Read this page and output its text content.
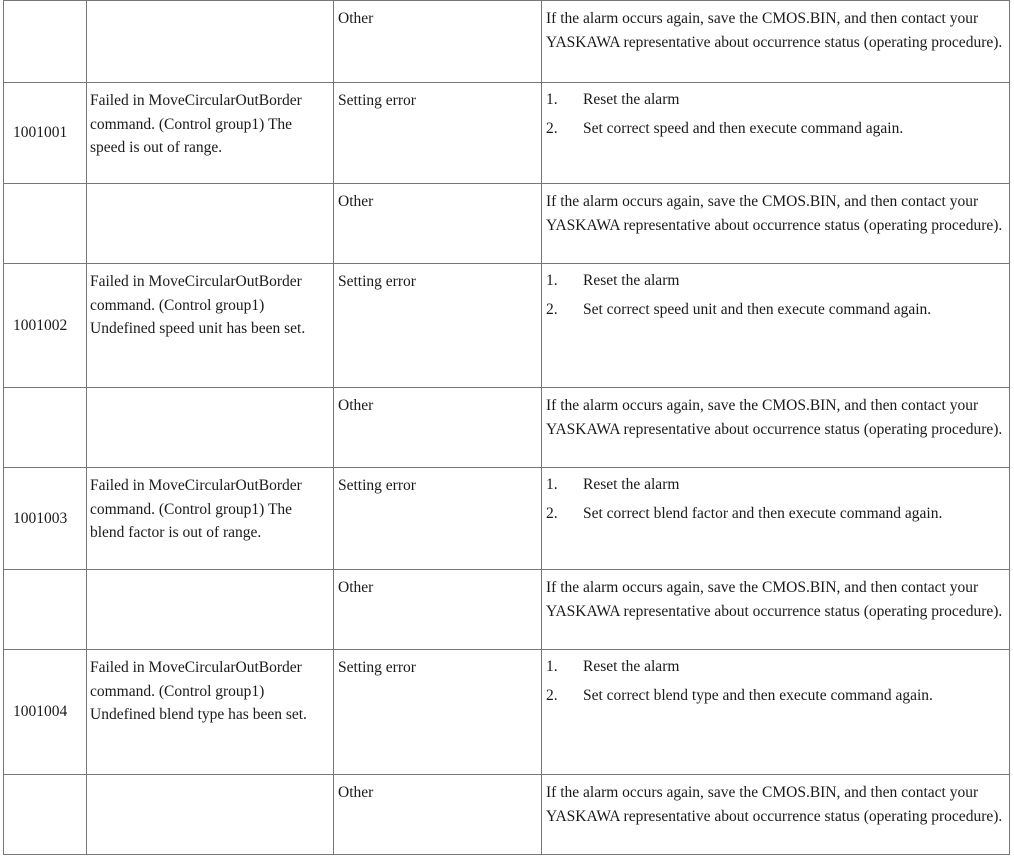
		Other	If the alarm occurs again, save the CMOS.BIN, and then contact your YASKAWA representative about occurrence status (operating procedure).
1001001	Failed in MoveCircularOutBorder command. (Control group1) The speed is out of range.	Setting error	1. Reset the alarm
2. Set correct speed and then execute command again.

		Other	If the alarm occurs again, save the CMOS.BIN, and then contact your YASKAWA representative about occurrence status (operating procedure).
1001002	Failed in MoveCircularOutBorder command. (Control group1) Undefined speed unit has been set.	Setting error	1. Reset the alarm
2. Set correct speed unit and then execute command again.

		Other	If the alarm occurs again, save the CMOS.BIN, and then contact your YASKAWA representative about occurrence status (operating procedure).
1001003	Failed in MoveCircularOutBorder command. (Control group1) The blend factor is out of range.	Setting error	1. Reset the alarm
2. Set correct blend factor and then execute command again.

		Other	If the alarm occurs again, save the CMOS.BIN, and then contact your YASKAWA representative about occurrence status (operating procedure).
1001004	Failed in MoveCircularOutBorder command. (Control group1) Undefined blend type has been set.	Setting error	1. Reset the alarm
2. Set correct blend type and then execute command again.

		Other	If the alarm occurs again, save the CMOS.BIN, and then contact your YASKAWA representative about occurrence status (operating procedure).
